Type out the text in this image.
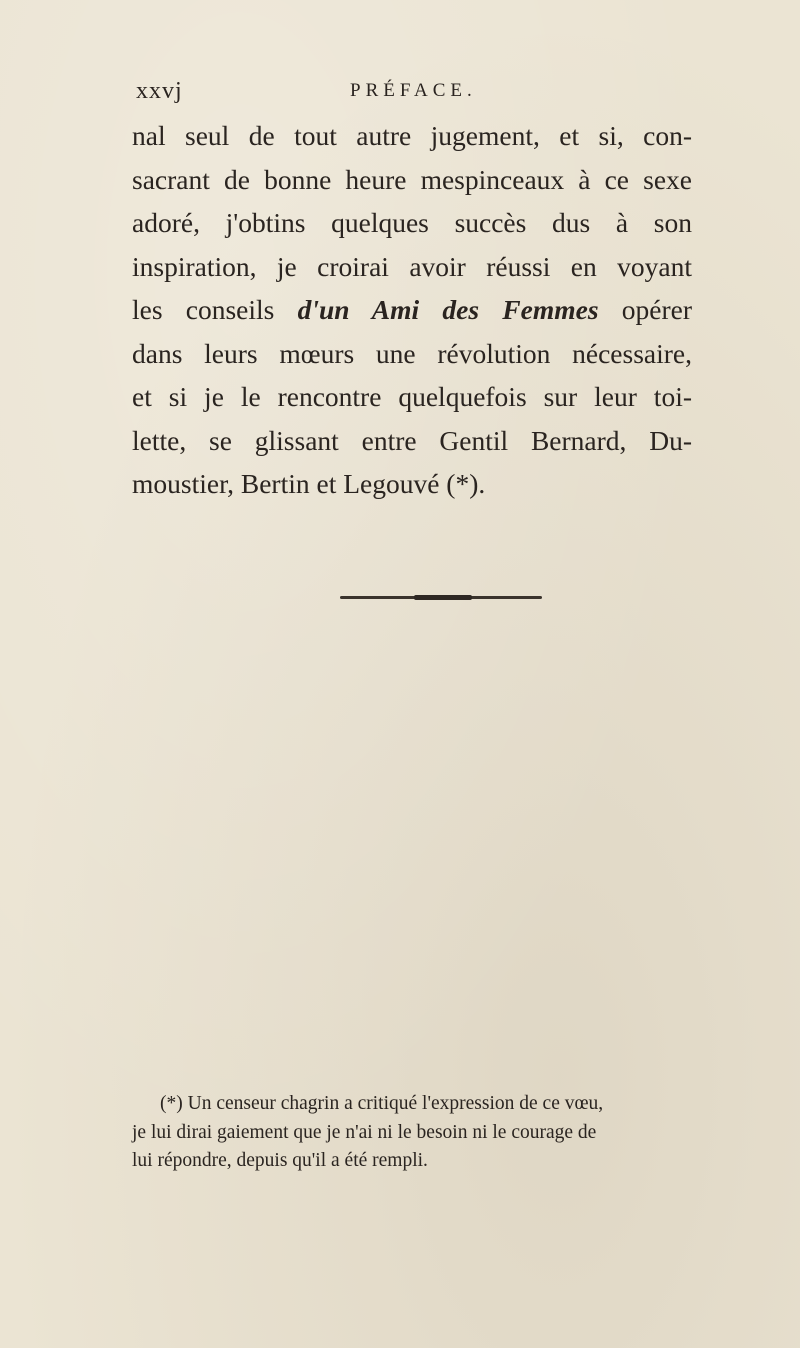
xxvj	PRÉFACE.
nal seul de tout autre jugement, et si, con-
sacrant de bonne heure mespinceaux à ce sexe
adoré, j'obtins quelques succès dus à son
inspiration, je croirai avoir réussi en voyant
les conseils d'un Ami des Femmes opérer
dans leurs mœurs une révolution nécessaire,
et si je le rencontre quelquefois sur leur toi-
lette, se glissant entre Gentil Bernard, Du-
moustier, Bertin et Legouvé (*).
(*) Un censeur chagrin a critiqué l'expression de ce vœu,
je lui dirai gaiement que je n'ai ni le besoin ni le courage de
lui répondre, depuis qu'il a été rempli.
